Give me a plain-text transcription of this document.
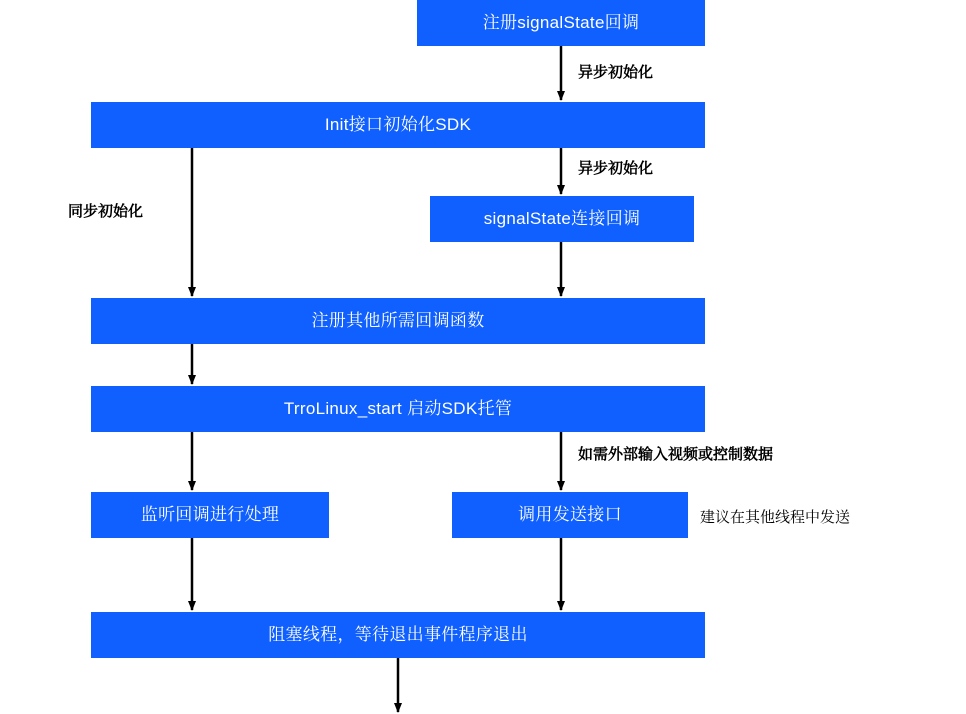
注册signalState回调
Init接口初始化SDK
signalState连接回调
注册其他所需回调函数
TrroLinux_start 启动SDK托管
监听回调进行处理	调用发送接口
阻塞线程，等待退出事件程序退出
异步初始化
异步初始化
同步初始化
如需外部输入视频或控制数据
建议在其他线程中发送
